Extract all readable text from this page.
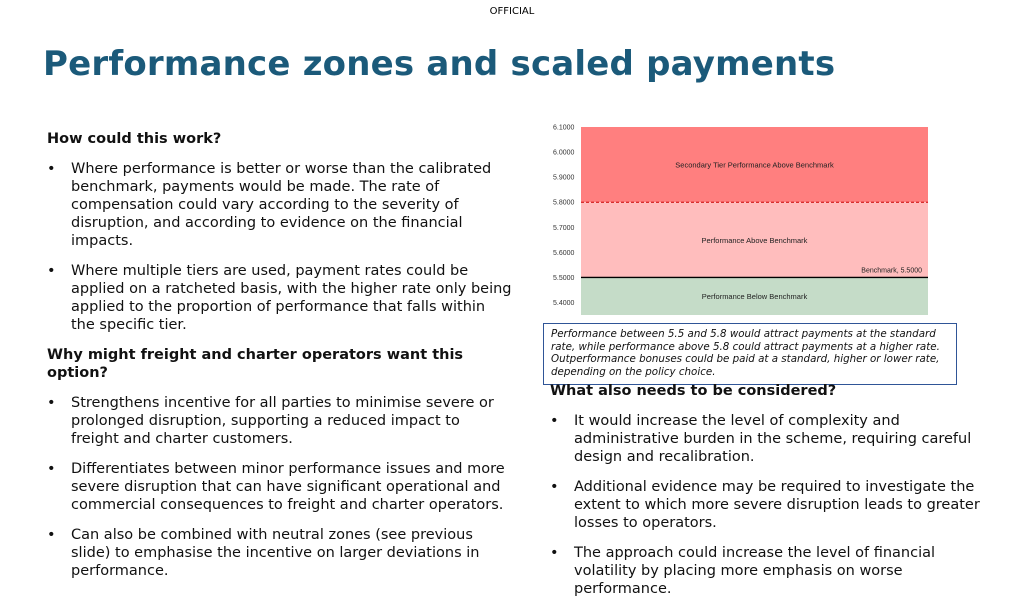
OFFICIAL
Performance zones and scaled payments
How could this work?
• Where performance is better or worse than the calibrated benchmark, payments would be made. The rate of compensation could vary according to the severity of disruption, and according to evidence on the financial impacts.
• Where multiple tiers are used, payment rates could be applied on a ratcheted basis, with the higher rate only being applied to the proportion of performance that falls within the specific tier.
Why might freight and charter operators want this option?
• Strengthens incentive for all parties to minimise severe or prolonged disruption, supporting a reduced impact to freight and charter customers.
• Differentiates between minor performance issues and more severe disruption that can have significant operational and commercial consequences to freight and charter operators.
• Can also be combined with neutral zones (see previous slide) to emphasise the incentive on larger deviations in performance.
Secondary Tier Performance Above Benchmark
Performance Above Benchmark
Performance Below Benchmark
Benchmark, 5.5000
6.1000
6.0000
5.9000
5.8000
5.7000
5.6000
5.5000
5.4000
Performance between 5.5 and 5.8 would attract payments at the standard rate, while performance above 5.8 could attract payments at a higher rate. Outperformance bonuses could be paid at a standard, higher or lower rate, depending on the policy choice.
What also needs to be considered?
• It would increase the level of complexity and administrative burden in the scheme, requiring careful design and recalibration.
• Additional evidence may be required to investigate the extent to which more severe disruption leads to greater losses to operators.
• The approach could increase the level of financial volatility by placing more emphasis on worse performance.
